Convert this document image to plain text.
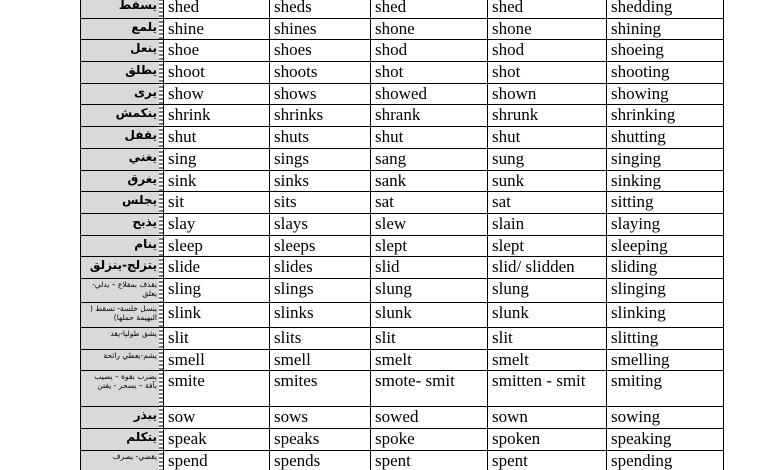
يسقط	shed	sheds	shed	shed	shedding
يلمع	shine	shines	shone	shone	shining
ينعل	shoe	shoes	shod	shod	shoeing
يطلق	shoot	shoots	shot	shot	shooting
يرى	show	shows	showed	shown	showing
ينكمش	shrink	shrinks	shrank	shrunk	shrinking
يقفل	shut	shuts	shut	shut	shutting
يغني	sing	sings	sang	sung	singing
يغرق	sink	sinks	sank	sunk	sinking
يجلس	sit	sits	sat	sat	sitting
يذبح	slay	slays	slew	slain	slaying
ينام	sleep	sleeps	slept	slept	sleeping
يتزلج-ينزلق	slide	slides	slid	slid/ slidden	sliding
يقذف بمقلاع – يدلي-يعلق	sling	slings	slung	slung	slinging
ينسل خلسة- تسقط ( البهيمة حملها)	slink	slinks	slunk	slunk	slinking
يشق طوليا-يقد	slit	slits	slit	slit	slitting
يشم-يعطي رائحة	smell	smell	smelt	smelt	smelling
يضرب بقوة – يصيب بآفة – يسحر - يفتن	smite	smites	smote- smit	smitten - smit	smiting
يبذر	sow	sows	sowed	sown	sowing
يتكلم	speak	speaks	spoke	spoken	speaking
يقضي- يصرف	spend	spends	spent	spent	spending
